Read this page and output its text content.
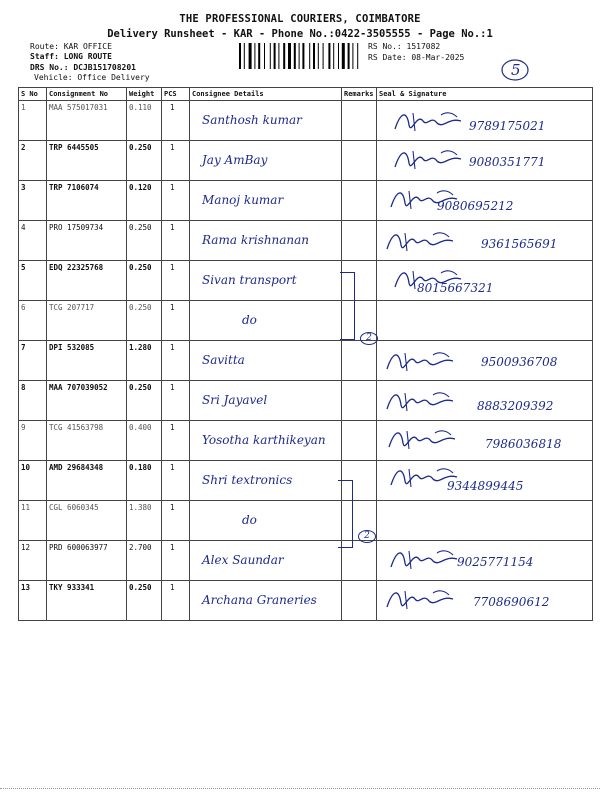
THE PROFESSIONAL COURIERS, COIMBATORE
Delivery Runsheet - KAR - Phone No.:0422-3505555 - Page No.:1
Route: KAR OFFICE
Staff: LONG ROUTE
DRS No.: DCJB151708201
Vehicle: Office Delivery
RS No.: 1517082
RS Date: 08-Mar-2025
5
S No	Consignment No	Weight	PCS	Consignee Details	Remarks	Seal & Signature
1	MAA 575017031	0.110	1	Santhosh kumar		9789175021

2	TRP 6445505	0.250	1	Jay AmBay		9080351771

3	TRP 7106074	0.120	1	Manoj kumar		9080695212

4	PRO 17509734	0.250	1	Rama krishnanan		9361565691

5	EDQ 22325768	0.250	1	Sivan transport		8015667321

6	TCG 207717	0.250	1	do		

7	DPI 532085	1.280	1	Savitta		9500936708

8	MAA 707039052	0.250	1	Sri Jayavel		8883209392

9	TCG 41563798	0.400	1	Yosotha karthikeyan		7986036818

10	AMD 29684348	0.180	1	Shri textronics		9344899445

11	CGL 6060345	1.380	1	do		

12	PRD 600063977	2.700	1	Alex Saundar		9025771154

13	TKY 933341	0.250	1	Archana Graneries		7708690612
2
2
